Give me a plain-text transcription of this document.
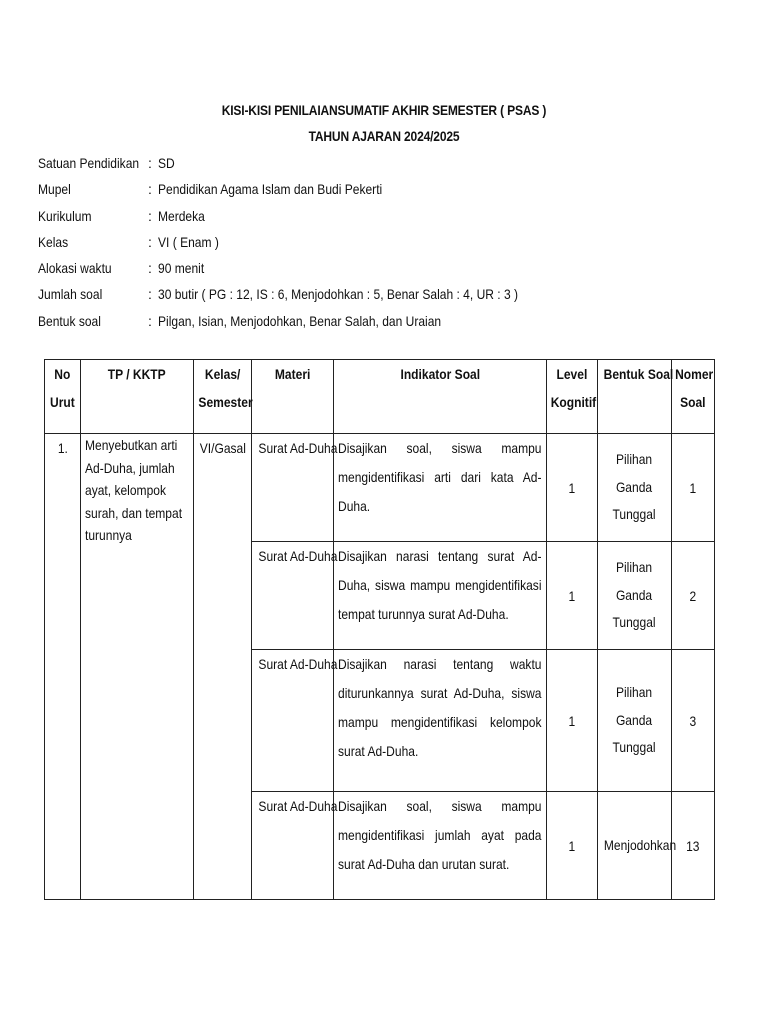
KISI-KISI PENILAIANSUMATIF AKHIR SEMESTER ( PSAS )
TAHUN AJARAN 2024/2025
Satuan Pendidikan : SD
Mupel	: Pendidikan Agama Islam dan Budi Pekerti
Kurikulum	: Merdeka
Kelas	: VI ( Enam )
Alokasi waktu	: 90 menit
Jumlah soal	: 30 butir ( PG : 12, IS : 6, Menjodohkan : 5, Benar Salah : 4, UR : 3 )
Bentuk soal	: Pilgan, Isian, Menjodohkan, Benar Salah, dan Uraian
No
Urut	TP / KKTP	Kelas/
Semester	Materi	Indikator Soal	Level
Kognitif	Bentuk Soal	Nomer
Soal
1.	Menyebutkan arti
Ad-Duha, jumlah
ayat, kelompok
surah, dan tempat
turunnya	VI/Gasal	Surat Ad-Duha	Disajikan soal, siswa mampu mengidentifikasi arti dari kata Ad-Duha.	1	Pilihan
Ganda
Tunggal	1
			Surat Ad-Duha	Disajikan narasi tentang surat Ad-Duha, siswa mampu mengidentifikasi tempat turunnya surat Ad-Duha.	1	Pilihan
Ganda
Tunggal	2
			Surat Ad-Duha	Disajikan narasi tentang waktu diturunkannya surat Ad-Duha, siswa mampu mengidentifikasi kelompok surat Ad-Duha.	1	Pilihan
Ganda
Tunggal	3
			Surat Ad-Duha	Disajikan soal, siswa mampu mengidentifikasi jumlah ayat pada surat Ad-Duha dan urutan surat.	1	Menjodohkan	13
